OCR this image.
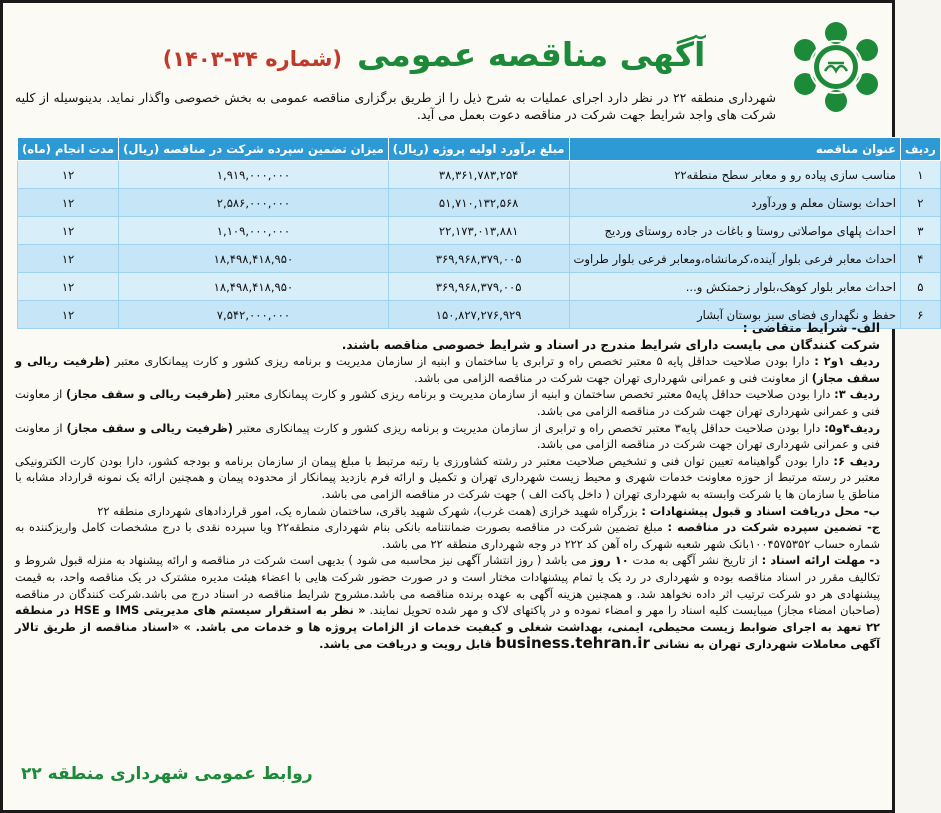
آگهی مناقصه عمومی (شماره ۳۴-۱۴۰۳)
شهرداری منطقه ۲۲ در نظر دارد اجرای عملیات به شرح ذیل را از طریق برگزاری مناقصه عمومی به بخش خصوصی واگذار نماید. بدینوسیله از کلیه شرکت های واجد شرایط جهت شرکت در مناقصه دعوت بعمل می آید.
ردیف	عنوان مناقصه	مبلغ برآورد اولیه پروژه (ریال)	میزان تضمین سپرده شرکت در مناقصه (ریال)	مدت انجام (ماه)
۱	مناسب سازی پیاده رو و معابر سطح منطقه۲۲	۳۸,۳۶۱,۷۸۳,۲۵۴	۱,۹۱۹,۰۰۰,۰۰۰	۱۲
۲	احداث بوستان معلم و وردآورد	۵۱,۷۱۰,۱۳۲,۵۶۸	۲,۵۸۶,۰۰۰,۰۰۰	۱۲
۳	احداث پلهای مواصلاتی روستا و باغات در جاده روستای وردیج	۲۲,۱۷۳,۰۱۳,۸۸۱	۱,۱۰۹,۰۰۰,۰۰۰	۱۲
۴	احداث معابر فرعی بلوار آینده،کرمانشاه،ومعابر فرعی بلوار طراوت	۳۶۹,۹۶۸,۳۷۹,۰۰۵	۱۸,۴۹۸,۴۱۸,۹۵۰	۱۲
۵	احداث معابر بلوار کوهک،بلوار زحمتکش و...	۳۶۹,۹۶۸,۳۷۹,۰۰۵	۱۸,۴۹۸,۴۱۸,۹۵۰	۱۲
۶	حفظ و نگهداری فضای سبز بوستان آبشار	۱۵۰,۸۲۷,۲۷۶,۹۲۹	۷,۵۴۲,۰۰۰,۰۰۰	۱۲

الف- شرایط متقاضی :

شرکت کنندگان می بایست دارای شرایط مندرج در اسناد و شرایط خصوصی مناقصه باشند.

ردیف ۱و۲ : دارا بودن صلاحیت حداقل پایه ۵ معتبر تخصص راه و ترابری یا ساختمان و ابنیه از سازمان مدیریت و برنامه ریزی کشور و کارت پیمانکاری معتبر (ظرفیت ریالی و سقف مجاز) از معاونت فنی و عمرانی شهرداری تهران جهت شرکت در مناقصه الزامی می باشد.

ردیف ۳: دارا بودن صلاحیت حداقل پایه۵ معتبر تخصص ساختمان و ابنیه از سازمان مدیریت و برنامه ریزی کشور و کارت پیمانکاری معتبر (ظرفیت ریالی و سقف مجاز) از معاونت فنی و عمرانی شهرداری تهران جهت شرکت در مناقصه الزامی می باشد.

ردیف۴و۵: دارا بودن صلاحیت حداقل پایه۳ معتبر تخصص راه و ترابری از سازمان مدیریت و برنامه ریزی کشور و کارت پیمانکاری معتبر (ظرفیت ریالی و سقف مجاز) از معاونت فنی و عمرانی شهرداری تهران جهت شرکت در مناقصه الزامی می باشد.

ردیف ۶: دارا بودن گواهینامه تعیین توان فنی و تشخیص صلاحیت معتبر در رشته کشاورزی با رتبه مرتبط با مبلغ پیمان از سازمان برنامه و بودجه کشور، دارا بودن کارت الکترونیکی معتبر در رسته مرتبط از حوزه معاونت خدمات شهری و محیط زیست شهرداری تهران و تکمیل و ارائه فرم بازدید پیمانکار از محدوده پیمان و همچنین ارائه یک نمونه قرارداد مشابه با مناطق یا سازمان ها یا شرکت وابسته به شهرداری تهران ( داخل پاکت الف ) جهت شرکت در مناقصه الزامی می باشد.

ب- محل دریافت اسناد و قبول پیشنهادات : بزرگراه شهید خرازی (همت غرب)، شهرک شهید باقری، ساختمان شماره یک، امور قراردادهای شهرداری منطقه ۲۲

ج- تضمین سپرده شرکت در مناقصه : مبلغ تضمین شرکت در مناقصه بصورت ضمانتنامه بانکی بنام شهرداری منطقه۲۲ ویا سپرده نقدی با درج مشخصات کامل واریزکننده به شماره حساب ۱۰۰۴۵۷۵۳۵۲بانک شهر شعبه شهرک راه آهن کد ۲۲۲ در وجه شهرداری منطقه ۲۲ می باشد.

د- مهلت ارائه اسناد : از تاریخ نشر آگهی به مدت ۱۰ روز می باشد ( روز انتشار آگهی نیز محاسبه می شود ) بدیهی است شرکت در مناقصه و ارائه پیشنهاد به منزله قبول شروط و تکالیف مقرر در اسناد مناقصه بوده و شهرداری در رد یک یا تمام پیشنهادات مختار است و در صورت حضور شرکت هایی با اعضاء هیئت مدیره مشترک در یک مناقصه واحد، به قیمت پیشنهادی هر دو شرکت ترتیب اثر داده نخواهد شد. و همچنین هزینه آگهی به عهده برنده مناقصه می باشد.مشروح شرایط مناقصه در اسناد درج می باشد.شرکت کنندگان در مناقصه (صاحبان امضاء مجاز) میبایست کلیه اسناد را مهر و امضاء نموده و در پاکتهای لاک و مهر شده تحویل نمایند. « نظر به استقرار سیستم های مدیریتی IMS و HSE در منطقه ۲۲ تعهد به اجرای ضوابط زیست محیطی، ایمنی، بهداشت شغلی و کیفیت خدمات از الزامات پروژه ها و خدمات می باشد. » «اسناد مناقصه از طریق تالار آگهی معاملات شهرداری تهران به نشانی business.tehran.ir قابل رویت و دریافت می باشد.

روابط عمومی شهرداری منطقه ۲۲
